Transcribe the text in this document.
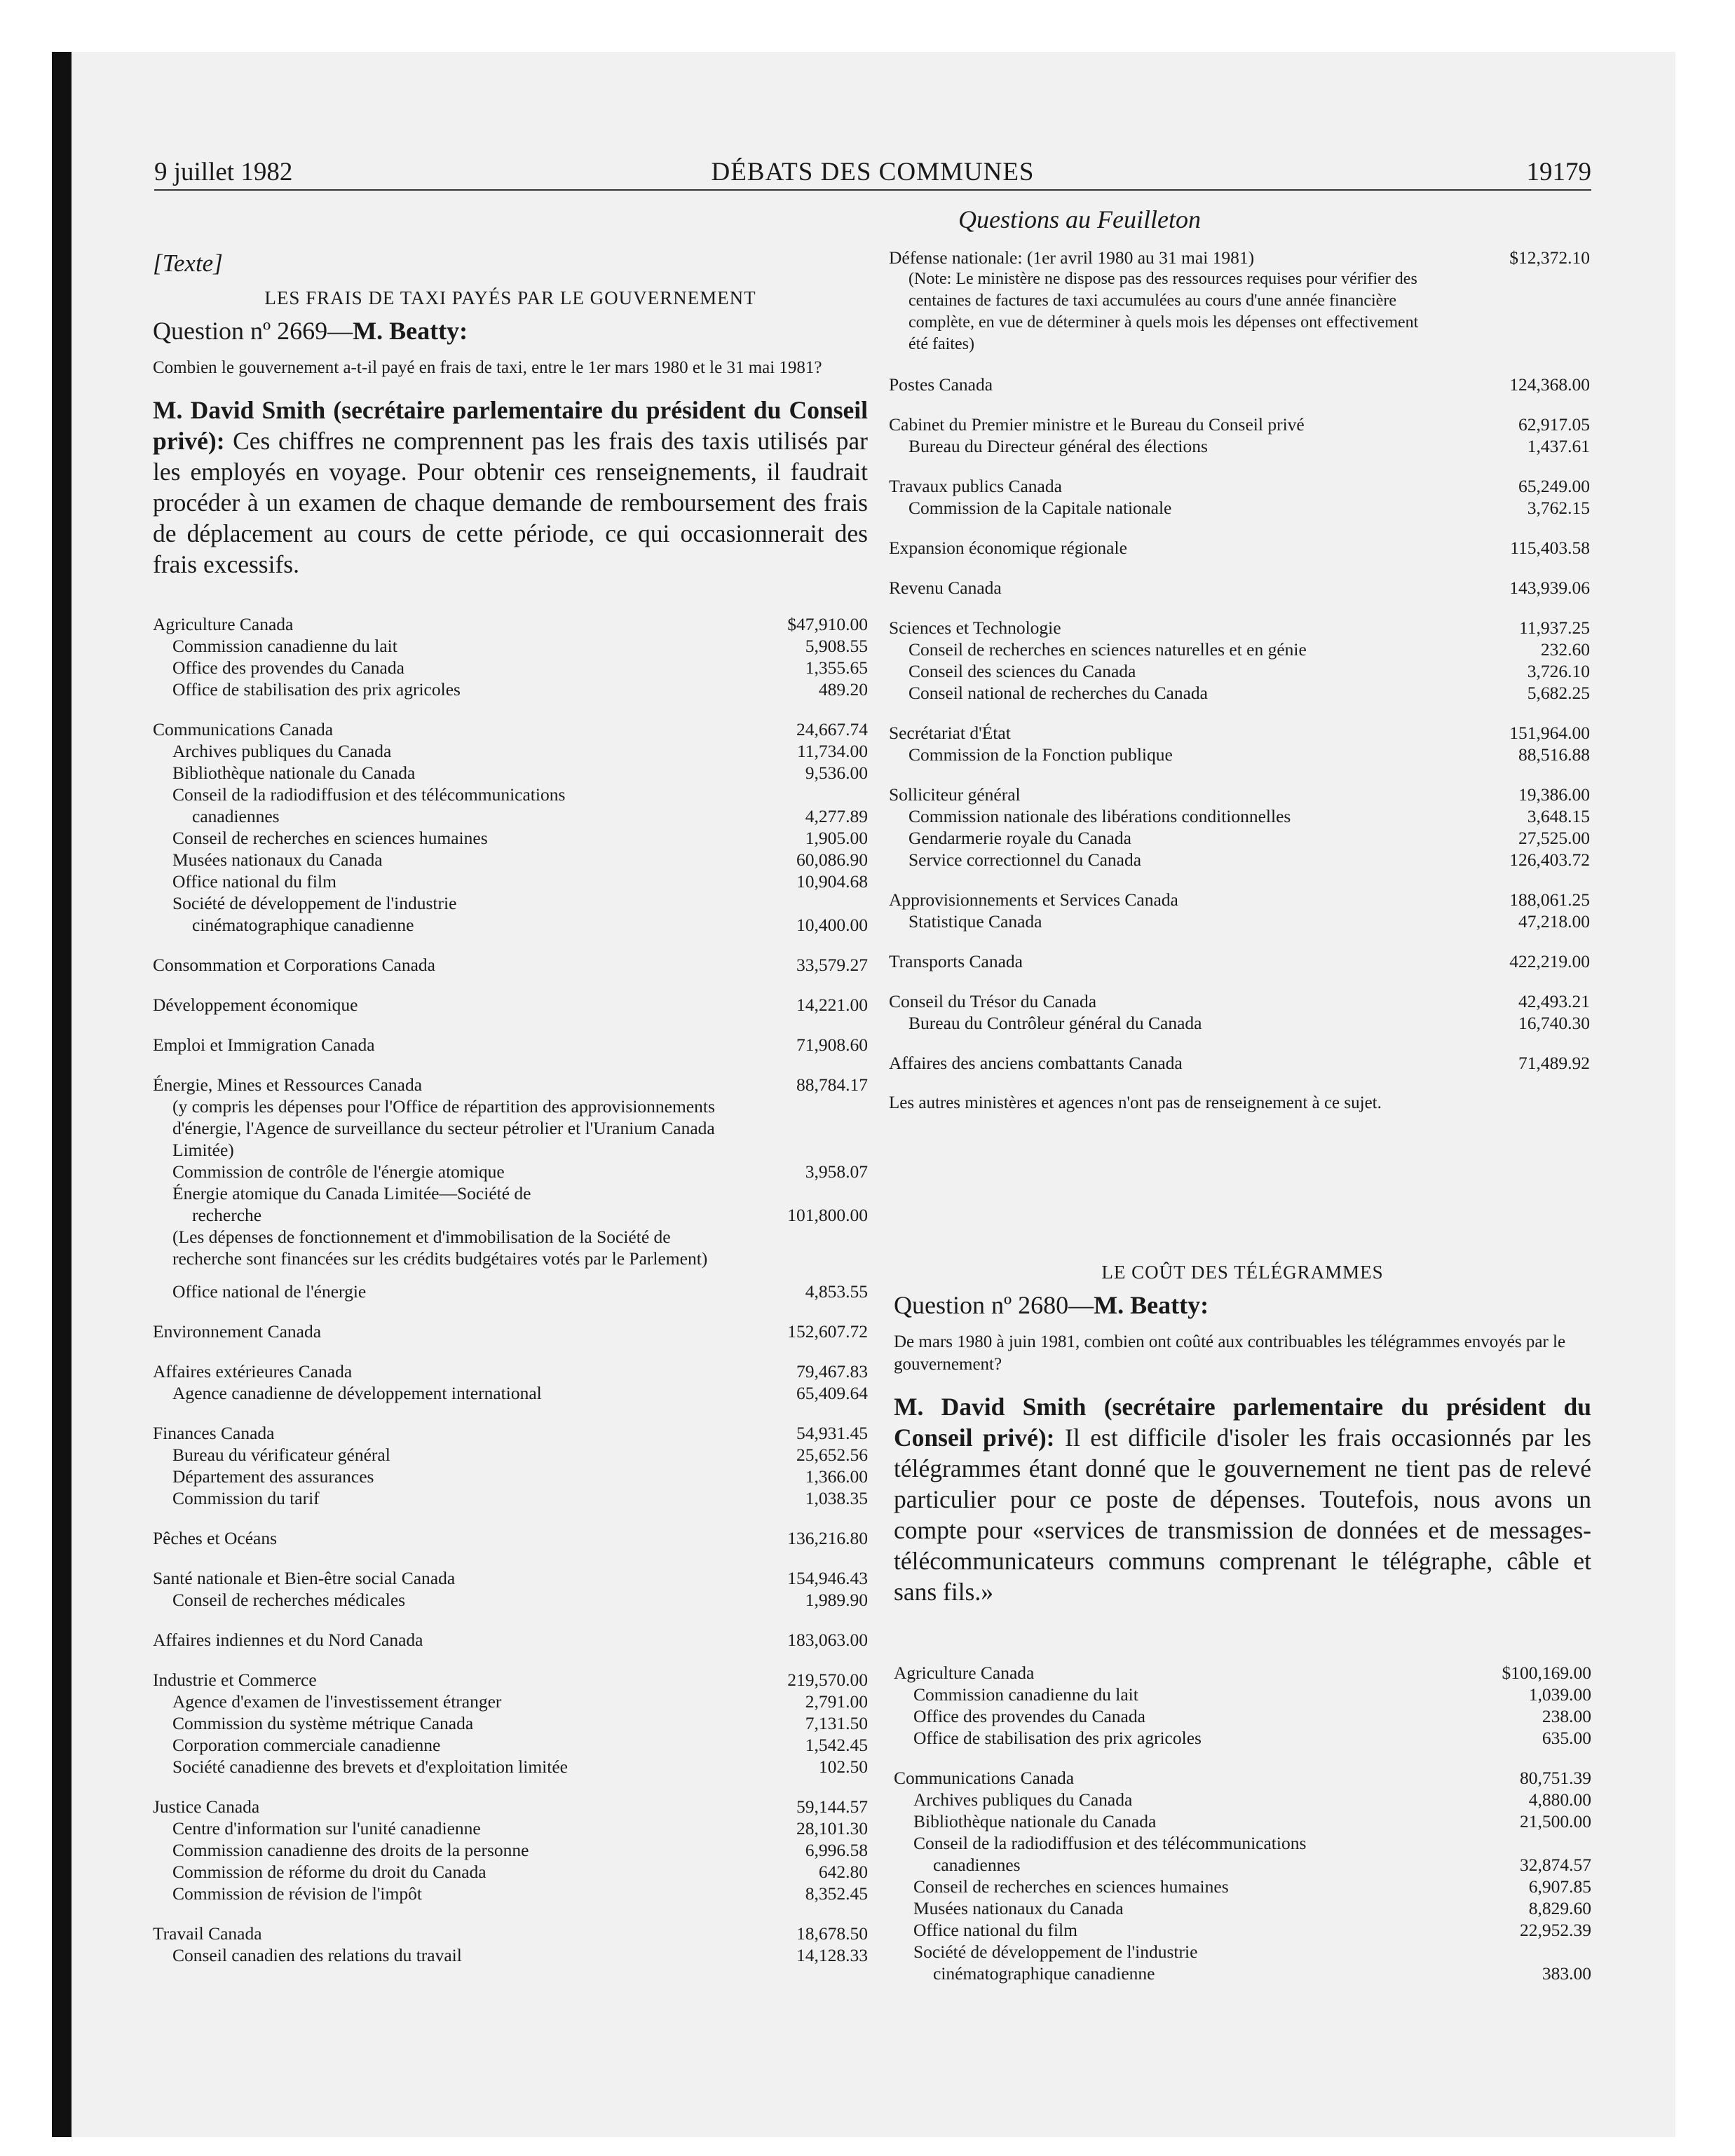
9 juillet 1982	DÉBATS DES COMMUNES	19179
Questions au Feuilleton
[Texte]
LES FRAIS DE TAXI PAYÉS PAR LE GOUVERNEMENT
Question nº 2669—M. Beatty:
Combien le gouvernement a-t-il payé en frais de taxi, entre le 1er mars 1980 et le 31 mai 1981?
M. David Smith (secrétaire parlementaire du président du Conseil privé): Ces chiffres ne comprennent pas les frais des taxis utilisés par les employés en voyage. Pour obtenir ces renseignements, il faudrait procéder à un examen de chaque demande de remboursement des frais de déplacement au cours de cette période, ce qui occasionnerait des frais excessifs.
Agriculture Canada	$47,910.00
Commission canadienne du lait	5,908.55
Office des provendes du Canada	1,355.65
Office de stabilisation des prix agricoles	489.20
Communications Canada	24,667.74
Archives publiques du Canada	11,734.00
Bibliothèque nationale du Canada	9,536.00
Conseil de la radiodiffusion et des télécommunications
canadiennes	4,277.89
Conseil de recherches en sciences humaines	1,905.00
Musées nationaux du Canada	60,086.90
Office national du film	10,904.68
Société de développement de l'industrie
cinématographique canadienne	10,400.00
Consommation et Corporations Canada	33,579.27
Développement économique	14,221.00
Emploi et Immigration Canada	71,908.60
Énergie, Mines et Ressources Canada	88,784.17
(y compris les dépenses pour l'Office de répartition des approvisionnements d'énergie, l'Agence de surveillance du secteur pétrolier et l'Uranium Canada Limitée)
Commission de contrôle de l'énergie atomique	3,958.07
Énergie atomique du Canada Limitée—Société de
recherche	101,800.00
(Les dépenses de fonctionnement et d'immobilisation de la Société de recherche sont financées sur les crédits budgétaires votés par le Parlement)
Office national de l'énergie	4,853.55
Environnement Canada	152,607.72
Affaires extérieures Canada	79,467.83
Agence canadienne de développement international	65,409.64
Finances Canada	54,931.45
Bureau du vérificateur général	25,652.56
Département des assurances	1,366.00
Commission du tarif	1,038.35
Pêches et Océans	136,216.80
Santé nationale et Bien-être social Canada	154,946.43
Conseil de recherches médicales	1,989.90
Affaires indiennes et du Nord Canada	183,063.00
Industrie et Commerce	219,570.00
Agence d'examen de l'investissement étranger	2,791.00
Commission du système métrique Canada	7,131.50
Corporation commerciale canadienne	1,542.45
Société canadienne des brevets et d'exploitation limitée	102.50
Justice Canada	59,144.57
Centre d'information sur l'unité canadienne	28,101.30
Commission canadienne des droits de la personne	6,996.58
Commission de réforme du droit du Canada	642.80
Commission de révision de l'impôt	8,352.45
Travail Canada	18,678.50
Conseil canadien des relations du travail	14,128.33
Défense nationale: (1er avril 1980 au 31 mai 1981)	$12,372.10
(Note: Le ministère ne dispose pas des ressources requises pour vérifier des centaines de factures de taxi accumulées au cours d'une année financière complète, en vue de déterminer à quels mois les dépenses ont effectivement été faites)
Postes Canada	124,368.00
Cabinet du Premier ministre et le Bureau du Conseil privé	62,917.05
Bureau du Directeur général des élections	1,437.61
Travaux publics Canada	65,249.00
Commission de la Capitale nationale	3,762.15
Expansion économique régionale	115,403.58
Revenu Canada	143,939.06
Sciences et Technologie	11,937.25
Conseil de recherches en sciences naturelles et en génie	232.60
Conseil des sciences du Canada	3,726.10
Conseil national de recherches du Canada	5,682.25
Secrétariat d'État	151,964.00
Commission de la Fonction publique	88,516.88
Solliciteur général	19,386.00
Commission nationale des libérations conditionnelles	3,648.15
Gendarmerie royale du Canada	27,525.00
Service correctionnel du Canada	126,403.72
Approvisionnements et Services Canada	188,061.25
Statistique Canada	47,218.00
Transports Canada	422,219.00
Conseil du Trésor du Canada	42,493.21
Bureau du Contrôleur général du Canada	16,740.30
Affaires des anciens combattants Canada	71,489.92
Les autres ministères et agences n'ont pas de renseignement à ce sujet.
LE COÛT DES TÉLÉGRAMMES
Question nº 2680—M. Beatty:
De mars 1980 à juin 1981, combien ont coûté aux contribuables les télégrammes envoyés par le gouvernement?
M. David Smith (secrétaire parlementaire du président du Conseil privé): Il est difficile d'isoler les frais occasionnés par les télégrammes étant donné que le gouvernement ne tient pas de relevé particulier pour ce poste de dépenses. Toutefois, nous avons un compte pour «services de transmission de données et de messages-télécommunicateurs communs comprenant le télégraphe, câble et sans fils.»
Agriculture Canada	$100,169.00
Commission canadienne du lait	1,039.00
Office des provendes du Canada	238.00
Office de stabilisation des prix agricoles	635.00
Communications Canada	80,751.39
Archives publiques du Canada	4,880.00
Bibliothèque nationale du Canada	21,500.00
Conseil de la radiodiffusion et des télécommunications
canadiennes	32,874.57
Conseil de recherches en sciences humaines	6,907.85
Musées nationaux du Canada	8,829.60
Office national du film	22,952.39
Société de développement de l'industrie
cinématographique canadienne	383.00
